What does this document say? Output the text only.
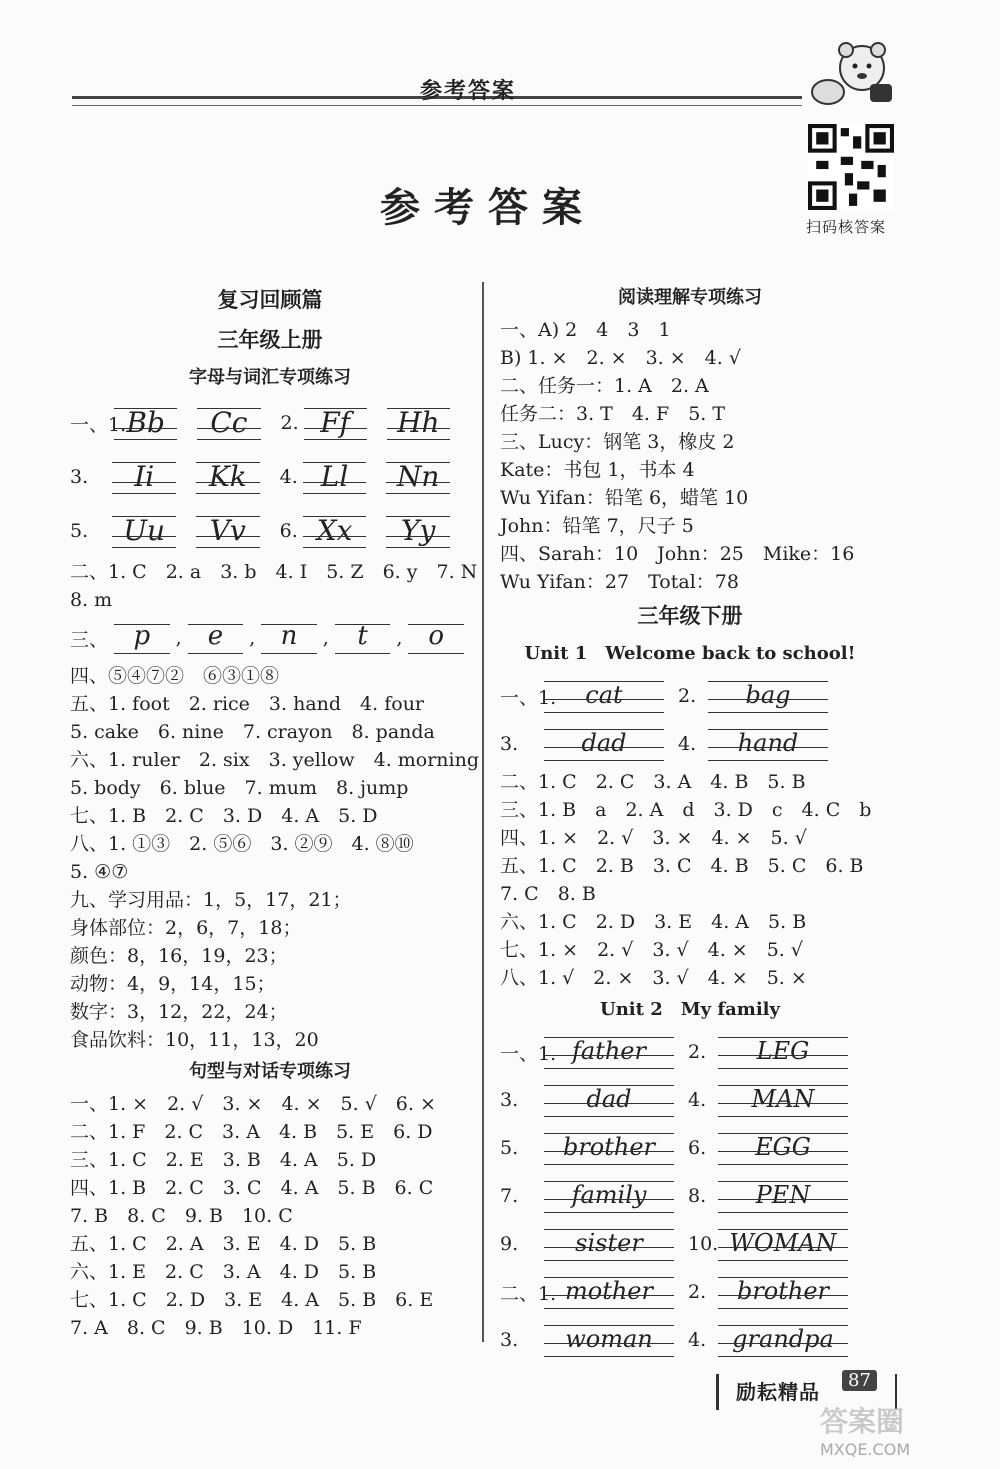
参考答案
扫码核答案
参考答案

复习回顾篇

三年级上册

字母与词汇专项练习

一、1. Bb	Cc	2. Ff	Hh
3.	Ii	Kk	4. Ll	Nn
5.	Uu	Vv	6. Xx	Yy
二、1. C　2. a　3. b　4. I　5. Z　6. y　7. N
8. m
三、 p	,	e	, n	,	t	, o
四、⑤④⑦②　⑥③①⑧
五、1. foot　2. rice　3. hand　4. four
5. cake　6. nine　7. crayon　8. panda
六、1. ruler　2. six　3. yellow　4. morning
5. body　6. blue　7. mum　8. jump
七、1. B　2. C　3. D　4. A　5. D
八、1. ①③　2. ⑤⑥　3. ②⑨　4. ⑧⑩
5. ④⑦
九、学习用品：1，5，17，21；
身体部位：2，6，7，18；
颜色：8，16，19，23；
动物：4，9，14，15；
数字：3，12，22，24；
食品饮料：10，11，13，20

句型与对话专项练习

一、1. ×　2. √　3. ×　4. ×　5. √　6. ×
二、1. F　2. C　3. A　4. B　5. E　6. D
三、1. C　2. E　3. B　4. A　5. D
四、1. B　2. C　3. C　4. A　5. B　6. C
7. B　8. C　9. B　10. C
五、1. C　2. A　3. E　4. D　5. B
六、1. E　2. C　3. A　4. D　5. B
七、1. C　2. D　3. E　4. A　5. B　6. E
7. A　8. C　9. B　10. D　11. F

阅读理解专项练习

一、A) 2　4　3　1
B) 1. ×　2. ×　3. ×　4. √
二、任务一：1. A　2. A
任务二：3. T　4. F　5. T
三、Lucy：钢笔 3，橡皮 2
Kate：书包 1，书本 4
Wu Yifan：铅笔 6，蜡笔 10
John：铅笔 7，尺子 5
四、Sarah：10　John：25　Mike：16
Wu Yifan：27　Total：78

三年级下册

Unit 1　Welcome back to school!

一、1.	cat	2.	bag
3.	dad	4.	hand
二、1. C　2. C　3. A　4. B　5. B
三、1. B　a　2. A　d　3. D　c　4. C　b
四、1. ×　2. √　3. ×　4. ×　5. √
五、1. C　2. B　3. C　4. B　5. C　6. B
7. C　8. B
六、1. C　2. D　3. E　4. A　5. B
七、1. ×　2. √　3. √　4. ×　5. √
八、1. √　2. ×　3. √　4. ×　5. ×

Unit 2　My family

一、1. father	2.	LEG
3.	dad	4.	MAN
5.	brother	6.	EGG
7.	family	8.	PEN
9.	sister	10. WOMAN
二、1. mother	2.	brother
3.	woman	4.	grandpa
励耘精品	87
答案圈
MXQE.COM
